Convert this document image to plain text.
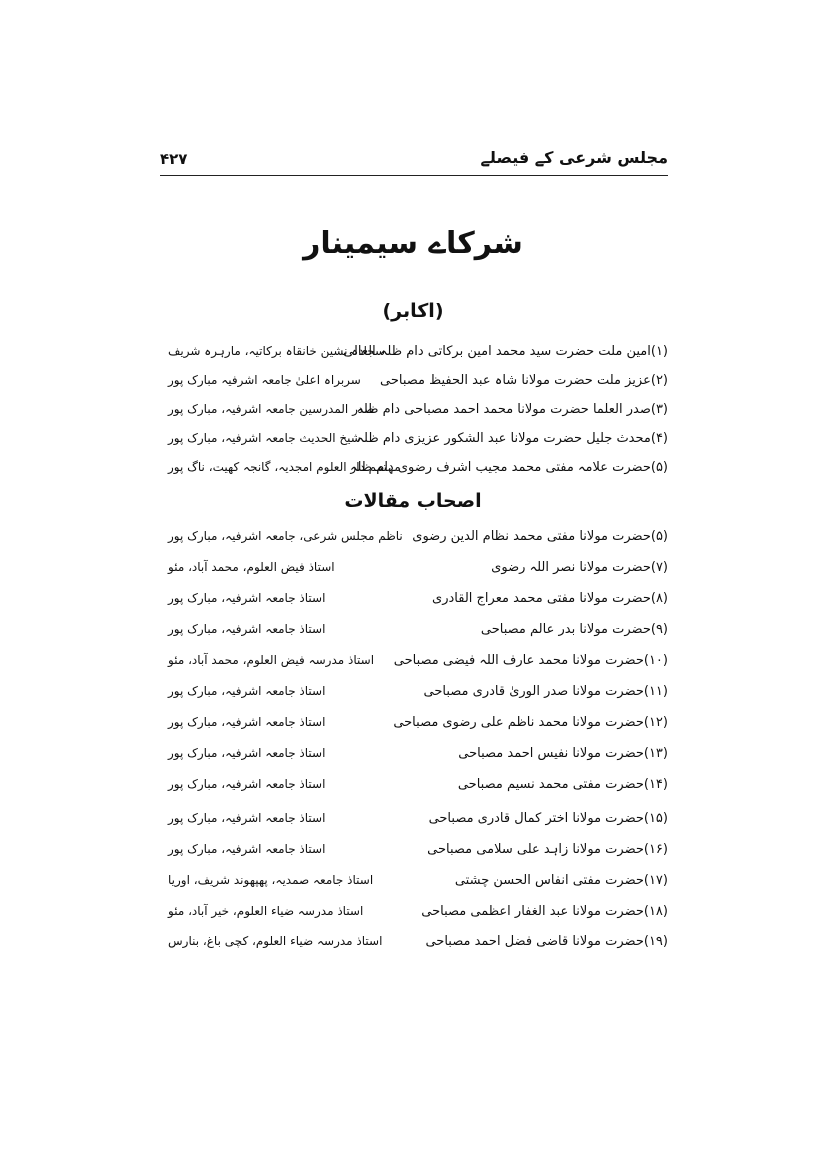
مجلس شرعی کے فیصلے
۴۲۷
شرکاے سیمینار
(اکابر)
(۱)امین ملت حضرت سید محمد امین برکاتی دام ظلہ العالی
سجادہ نشین خانقاہ برکاتیہ، مارہرہ شریف
(۲)عزیز ملت حضرت مولانا شاہ عبد الحفیظ مصباحی
سربراہ اعلیٰ جامعہ اشرفیہ مبارک پور
(۳)صدر العلما حضرت مولانا محمد احمد مصباحی دام ظلہ
صدر المدرسین جامعہ اشرفیہ، مبارک پور
(۴)محدث جلیل حضرت مولانا عبد الشکور عزیزی دام ظلہ
شیخ الحدیث جامعہ اشرفیہ، مبارک پور
(۵)حضرت علامہ مفتی محمد مجیب اشرف رضوی دام ظلہ
مہتمم دار العلوم امجدیہ، گانجہ کھیت، ناگ پور
اصحاب مقالات
(۵)حضرت مولانا مفتی محمد نظام الدین رضوی
ناظم مجلس شرعی، جامعہ اشرفیہ، مبارک پور
(۷)حضرت مولانا نصر اللہ رضوی
استاذ فیض العلوم، محمد آباد، مئو
(۸)حضرت مولانا مفتی محمد معراج القادری
استاذ جامعہ اشرفیہ، مبارک پور
(۹)حضرت مولانا بدر عالم مصباحی
استاذ جامعہ اشرفیہ، مبارک پور
(۱۰)حضرت مولانا محمد عارف اللہ فیضی مصباحی
استاذ مدرسہ فیض العلوم، محمد آباد، مئو
(۱۱)حضرت مولانا صدر الوریٰ قادری مصباحی
استاذ جامعہ اشرفیہ، مبارک پور
(۱۲)حضرت مولانا محمد ناظم علی رضوی مصباحی
استاذ جامعہ اشرفیہ، مبارک پور
(۱۳)حضرت مولانا نفیس احمد مصباحی
استاذ جامعہ اشرفیہ، مبارک پور
(۱۴)حضرت مفتی محمد نسیم مصباحی
استاذ جامعہ اشرفیہ، مبارک پور
(۱۵)حضرت مولانا اختر کمال قادری مصباحی
استاذ جامعہ اشرفیہ، مبارک پور
(۱۶)حضرت مولانا زاہد علی سلامی مصباحی
استاذ جامعہ اشرفیہ، مبارک پور
(۱۷)حضرت مفتی انفاس الحسن چشتی
استاذ جامعہ صمدیہ، پھپھوند شریف، اوریا
(۱۸)حضرت مولانا عبد الغفار اعظمی مصباحی
استاذ مدرسہ ضیاء العلوم، خیر آباد، مئو
(۱۹)حضرت مولانا قاضی فضل احمد مصباحی
استاذ مدرسہ ضیاء العلوم، کچی باغ، بنارس
